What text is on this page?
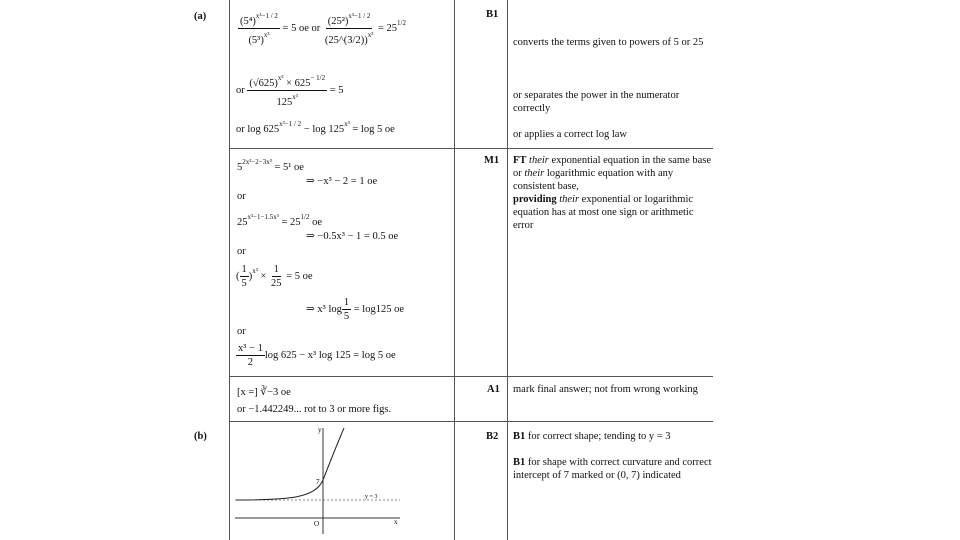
(a)
(b)
B1
M1
A1
B2
$\frac{(5^4)^{x^3-1 / 2}}{(5^3)^{x^3}} = 5$ oe or $\frac{(25^2)^{x^3-1 / 2}}{(25\^{}(3/2))^{x^3}} = 25^{1/2}$
or $\frac{(√625)^{x^3} \times 625^{- 1/2}}{125^{x^3}} = 5$
or $\log 625^{x^3-1 / 2} - \log 125^{x^3} = \log 5$ oe
converts the terms given to powers of 5 or 25
or separates the power in the numerator correctly
or applies a correct log law
$5^{2x^3-2-3x^3} = 5^1$ oe
⇒ −x³ − 2 = 1 oe
or
$25^{x^3-1-1.5x^3} = 25^{1/2}$ oe
⇒ −0.5x³ − 1 = 0.5 oe
or
( $\frac{1}{5} )^{x^3} \times \frac{1}{25} = 5$ oe
⇒ x³ $\log \frac{1}{5} = \log 125$ oe
or
$\frac{\text{x³ − 1}}{2}$ log 625 − x³ log 125 = log 5 oe
FT their exponential equation in the same base
or their logarithmic equation with any consistent base,
providing their exponential or logarithmic equation has at most one sign or arithmetic error
[x =] ∛−3 oe
or −1.442249... rot to 3 or more figs.
mark final answer; not from wrong working
y
x
O
y = 3
7
B1 for correct shape; tending to y = 3
B1 for shape with correct curvature and correct intercept of 7 marked or (0, 7) indicated
